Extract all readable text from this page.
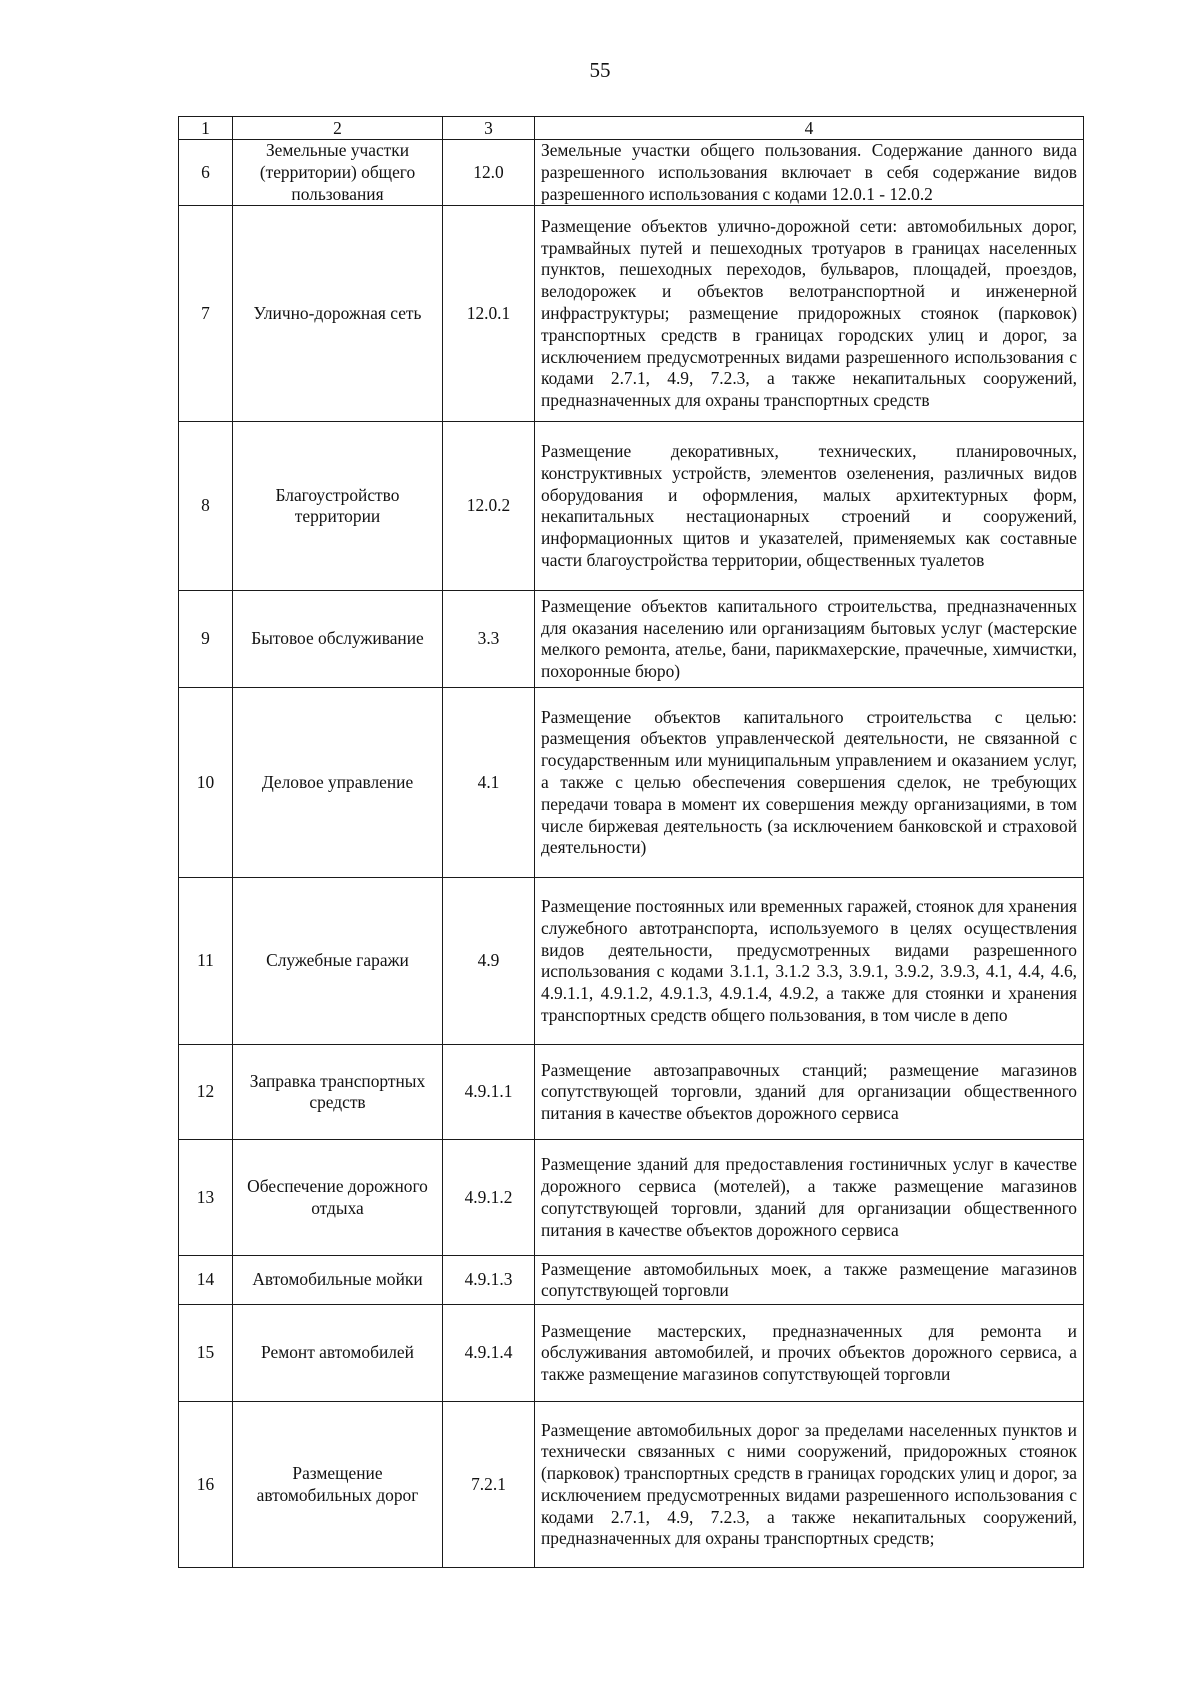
55
1	2	3	4
6	Земельные участки (территории) общего пользования	12.0	Земельные участки общего пользования. Содержание данного вида разрешенного использования включает в себя содержание видов разрешенного использования с кодами 12.0.1 - 12.0.2
7	Улично-дорожная сеть	12.0.1	Размещение объектов улично-дорожной сети: автомобильных дорог, трамвайных путей и пешеходных тротуаров в границах населенных пунктов, пешеходных переходов, бульваров, площадей, проездов, велодорожек и объектов велотранспортной и инженерной инфраструктуры; размещение придорожных стоянок (парковок) транспортных средств в границах городских улиц и дорог, за исключением предусмотренных видами разрешенного использования с кодами 2.7.1, 4.9, 7.2.3, а также некапитальных сооружений, предназначенных для охраны транспортных средств
8	Благоустройство территории	12.0.2	Размещение декоративных, технических, планировочных, конструктивных устройств, элементов озеленения, различных видов оборудования и оформления, малых архитектурных форм, некапитальных нестационарных строений и сооружений, информационных щитов и указателей, применяемых как составные части благоустройства территории, общественных туалетов
9	Бытовое обслуживание	3.3	Размещение объектов капитального строительства, предназначенных для оказания населению или организациям бытовых услуг (мастерские мелкого ремонта, ателье, бани, парикмахерские, прачечные, химчистки, похоронные бюро)
10	Деловое управление	4.1	Размещение объектов капитального строительства с целью: размещения объектов управленческой деятельности, не связанной с государственным или муниципальным управлением и оказанием услуг, а также с целью обеспечения совершения сделок, не требующих передачи товара в момент их совершения между организациями, в том числе биржевая деятельность (за исключением банковской и страховой деятельности)
11	Служебные гаражи	4.9	Размещение постоянных или временных гаражей, стоянок для хранения служебного автотранспорта, используемого в целях осуществления видов деятельности, предусмотренных видами разрешенного использования с кодами 3.1.1, 3.1.2 3.3, 3.9.1, 3.9.2, 3.9.3, 4.1, 4.4, 4.6, 4.9.1.1, 4.9.1.2, 4.9.1.3, 4.9.1.4, 4.9.2, а также для стоянки и хранения транспортных средств общего пользования, в том числе в депо
12	Заправка транспортных средств	4.9.1.1	Размещение автозаправочных станций; размещение магазинов сопутствующей торговли, зданий для организации общественного питания в качестве объектов дорожного сервиса
13	Обеспечение дорожного отдыха	4.9.1.2	Размещение зданий для предоставления гостиничных услуг в качестве дорожного сервиса (мотелей), а также размещение магазинов сопутствующей торговли, зданий для организации общественного питания в качестве объектов дорожного сервиса
14	Автомобильные мойки	4.9.1.3	Размещение автомобильных моек, а также размещение магазинов сопутствующей торговли
15	Ремонт автомобилей	4.9.1.4	Размещение мастерских, предназначенных для ремонта и обслуживания автомобилей, и прочих объектов дорожного сервиса, а также размещение магазинов сопутствующей торговли
16	Размещение автомобильных дорог	7.2.1	Размещение автомобильных дорог за пределами населенных пунктов и технически связанных с ними сооружений, придорожных стоянок (парковок) транспортных средств в границах городских улиц и дорог, за исключением предусмотренных видами разрешенного использования с кодами 2.7.1, 4.9, 7.2.3, а также некапитальных сооружений, предназначенных для охраны транспортных средств;
